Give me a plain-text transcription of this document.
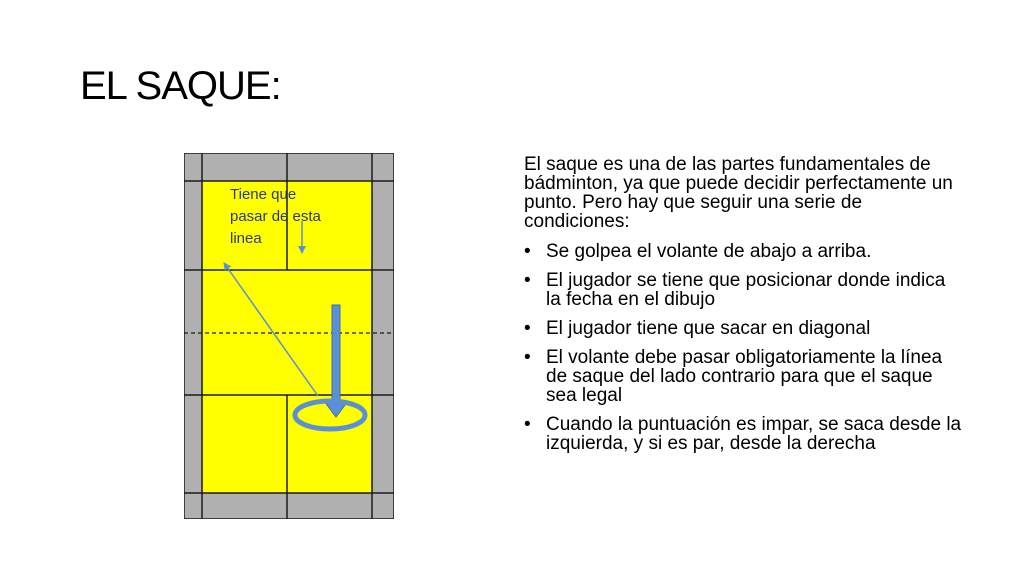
EL SAQUE:
Tiene que
pasar de esta
linea

El saque es una de las partes fundamentales de bádminton, ya que puede decidir perfectamente un punto. Pero hay que seguir una serie de condiciones:

• Se golpea el volante de abajo a arriba.
• El jugador se tiene que posicionar donde indica la fecha en el dibujo
• El jugador tiene que sacar en diagonal
• El volante debe pasar obligatoriamente la línea de saque del lado contrario para que el saque sea legal
• Cuando la puntuación es impar, se saca desde la izquierda, y si es par, desde la derecha
